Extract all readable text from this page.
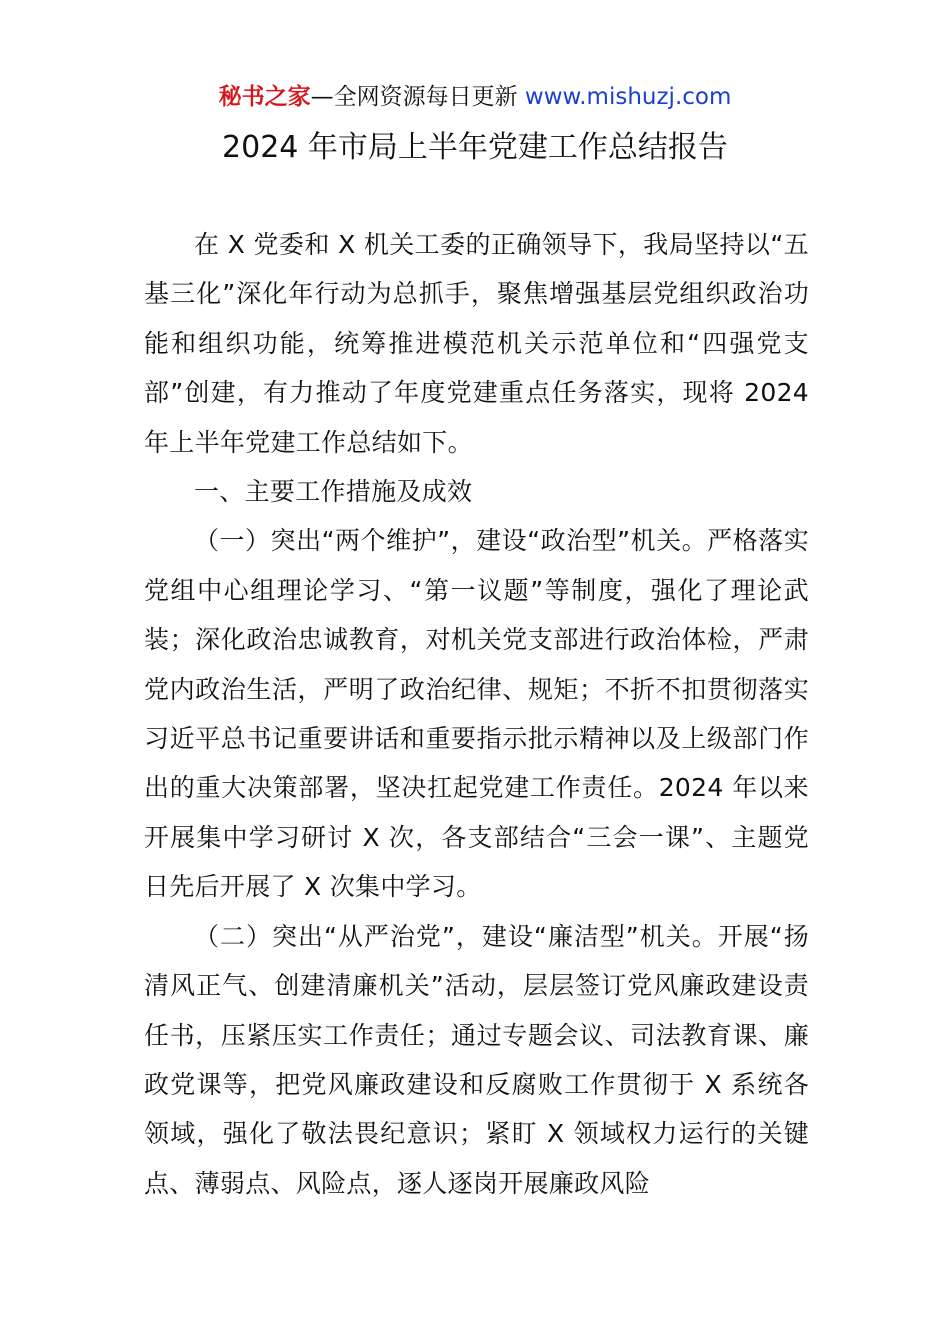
秘书之家—全网资源每日更新 www.mishuzj.com
2024 年市局上半年党建工作总结报告

在 X 党委和 X 机关工委的正确领导下，我局坚持以“五基三化”深化年行动为总抓手，聚焦增强基层党组织政治功能和组织功能，统筹推进模范机关示范单位和“四强党支部”创建，有力推动了年度党建重点任务落实，现将 2024 年上半年党建工作总结如下。

一、主要工作措施及成效

（一）突出“两个维护”，建设“政治型”机关。严格落实党组中心组理论学习、“第一议题”等制度，强化了理论武装；深化政治忠诚教育，对机关党支部进行政治体检，严肃党内政治生活，严明了政治纪律、规矩；不折不扣贯彻落实习近平总书记重要讲话和重要指示批示精神以及上级部门作出的重大决策部署，坚决扛起党建工作责任。2024 年以来开展集中学习研讨 X 次，各支部结合“三会一课”、主题党日先后开展了 X 次集中学习。

（二）突出“从严治党”，建设“廉洁型”机关。开展“扬清风正气、创建清廉机关”活动，层层签订党风廉政建设责任书，压紧压实工作责任；通过专题会议、司法教育课、廉政党课等，把党风廉政建设和反腐败工作贯彻于 X 系统各领域，强化了敬法畏纪意识；紧盯 X 领域权力运行的关键点、薄弱点、风险点，逐人逐岗开展廉政风险
